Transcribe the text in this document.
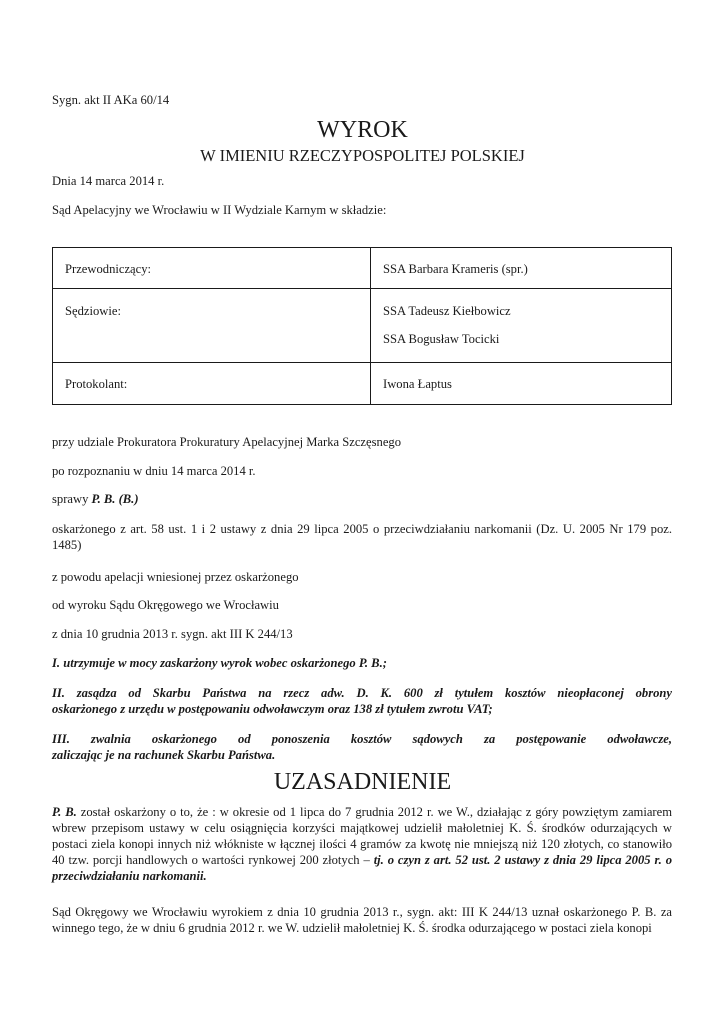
Sygn. akt II AKa 60/14
WYROK
W IMIENIU RZECZYPOSPOLITEJ POLSKIEJ
Dnia 14 marca 2014 r.
Sąd Apelacyjny we Wrocławiu w II Wydziale Karnym w składzie:
Przewodniczący:	SSA Barbara Krameris (spr.)
Sędziowie:	SSA Tadeusz Kiełbowicz
SSA Bogusław Tocicki

Protokolant:	Iwona Łaptus
przy udziale Prokuratora Prokuratury Apelacyjnej Marka Szczęsnego
po rozpoznaniu w dniu 14 marca 2014 r.
sprawy P. B. (B.)
oskarżonego z art. 58 ust. 1 i 2 ustawy z dnia 29 lipca 2005 o przeciwdziałaniu narkomanii (Dz. U. 2005 Nr 179 poz. 1485)
z powodu apelacji wniesionej przez oskarżonego
od wyroku Sądu Okręgowego we Wrocławiu
z dnia 10 grudnia 2013 r. sygn. akt III K 244/13
I. utrzymuje w mocy zaskarżony wyrok wobec oskarżonego P. B.;
II. zasądza od Skarbu Państwa na rzecz adw. D. K. 600 zł tytułem kosztów nieopłaconej obrony
oskarżonego z urzędu w postępowaniu odwoławczym oraz 138 zł tytułem zwrotu VAT;
III. zwalnia oskarżonego od ponoszenia kosztów sądowych za postępowanie odwoławcze,
zaliczając je na rachunek Skarbu Państwa.
UZASADNIENIE
P. B. został oskarżony o to, że : w okresie od 1 lipca do 7 grudnia 2012 r. we W., działając z góry powziętym zamiarem wbrew przepisom ustawy w celu osiągnięcia korzyści majątkowej udzielił małoletniej K. Ś. środków odurzających w postaci ziela konopi innych niż włókniste w łącznej ilości 4 gramów za kwotę nie mniejszą niż 120 złotych, co stanowiło 40 tzw. porcji handlowych o wartości rynkowej 200 złotych – tj. o czyn z art. 52 ust. 2 ustawy z dnia 29 lipca 2005 r. o przeciwdziałaniu narkomanii.
Sąd Okręgowy we Wrocławiu wyrokiem z dnia 10 grudnia 2013 r., sygn. akt: III K 244/13 uznał oskarżonego P. B. za winnego tego, że w dniu 6 grudnia 2012 r. we W. udzielił małoletniej K. Ś. środka odurzającego w postaci ziela konopi
